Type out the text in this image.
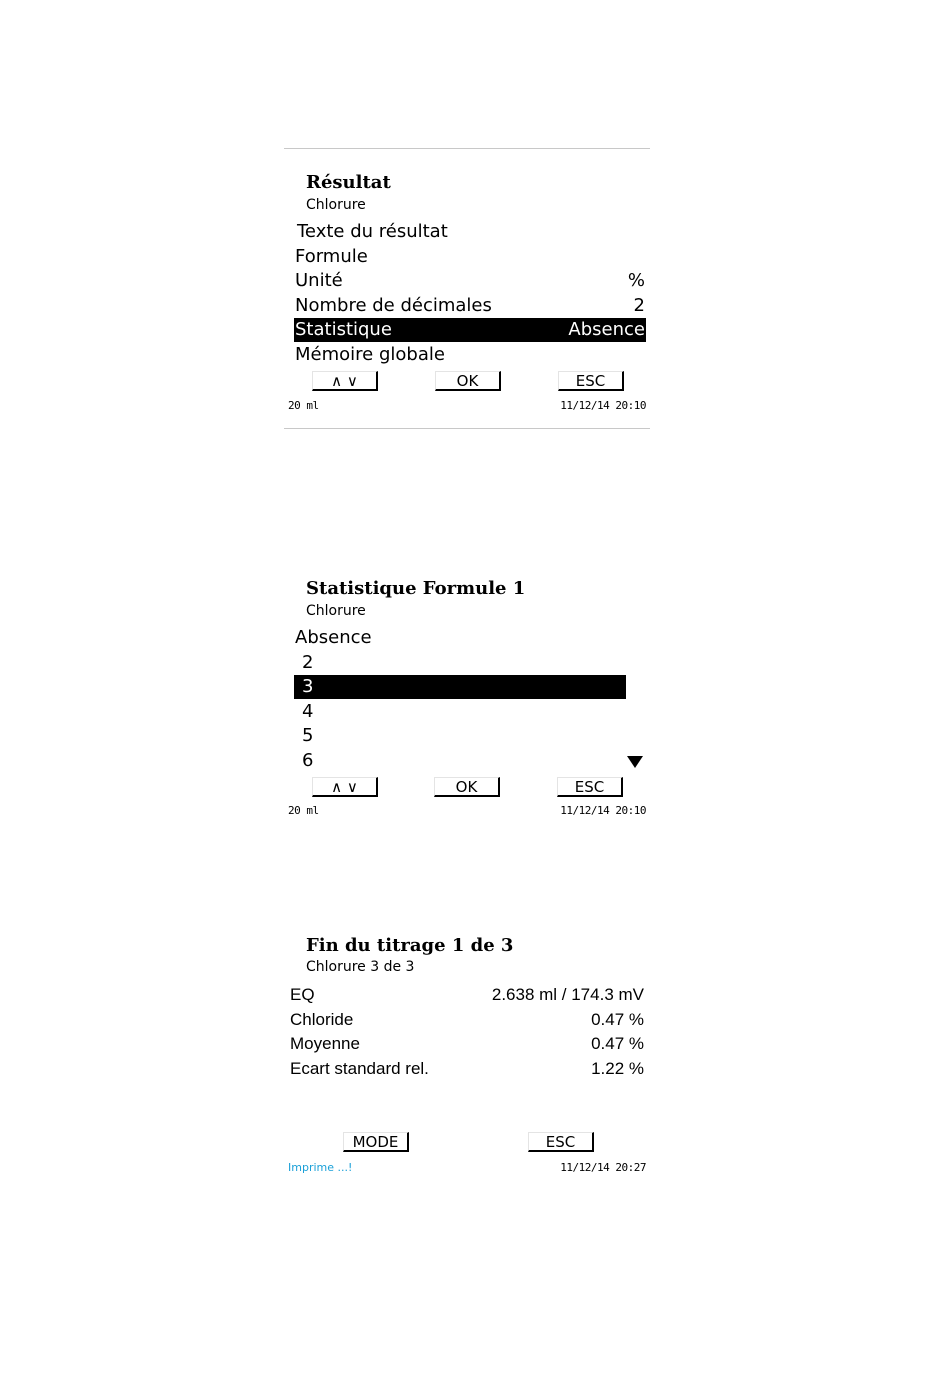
Résultat
Chlorure
Texte du résultat
Formule
Unité	%
Nombre de décimales	2
Statistique	Absence
Mémoire globale
∧ ∨	OK	ESC
20 ml	11/12/14 20:10
Statistique Formule 1
Chlorure
Absence
2
3
4
5
6
∧ ∨	OK	ESC
20 ml	11/12/14 20:10
Fin du titrage 1 de 3
Chlorure 3 de 3
EQ	2.638 ml / 174.3 mV
Chloride	0.47 %
Moyenne	0.47 %
Ecart standard rel.	1.22 %
MODE	ESC
Imprime ...!	11/12/14 20:27
